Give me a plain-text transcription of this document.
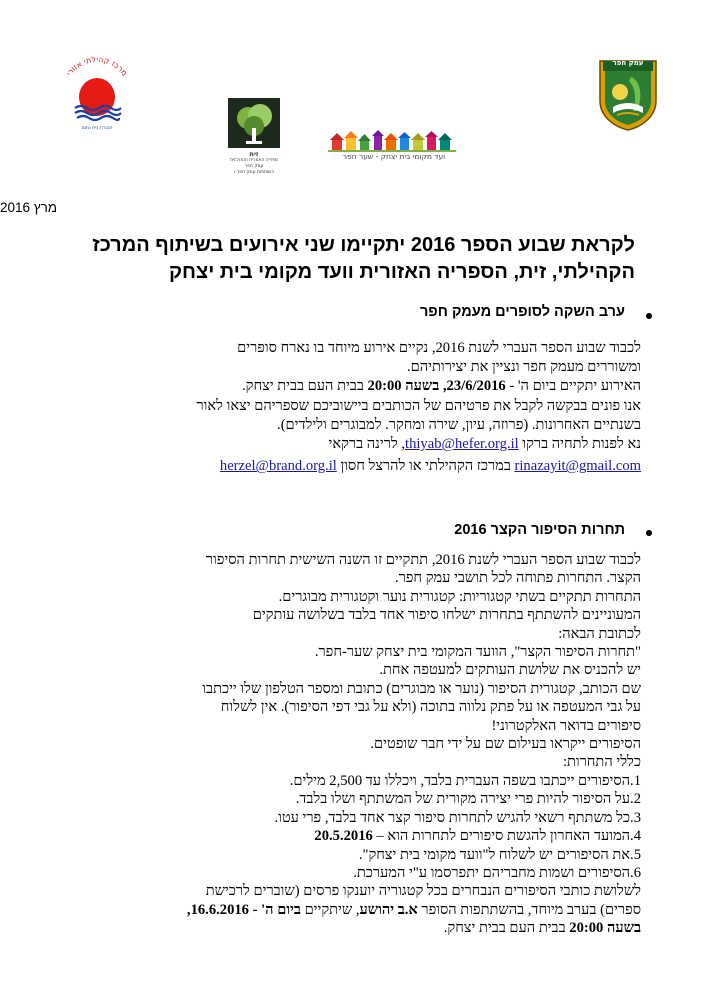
מרכז קהילתי אזורי
חבורת בית נחום
זית
ספריה האזורית והמרכזית
עמק חפר
בשותפות עמק חפר ו
ועד מקומי בית יצחק - שער חפר
מרץ 2016
לקראת שבוע הספר 2016 יתקיימו שני אירועים בשיתוף המרכז
הקהילתי, זית, הספריה האזורית וועד מקומי בית יצחק
ערב השקה לסופרים מעמק חפר
לכבוד שבוע הספר העברי לשנת 2016, נקיים אירוע מיוחד בו נארח סופרים
ומשוררים מעמק חפר ונציין את יצירותיהם.
האירוע יתקיים ביום ה' - 23/6/2016, בשעה 20:00 בבית העם בבית יצחק.
אנו פונים בבקשה לקבל את פרטיהם של הכותבים ביישוביכם שספריהם יצאו לאור
בשנתיים האחרונות. (פרוזה, עיון, שירה ומחקר. למבוגרים ולילדים).
נא לפנות לתחיה ברקו thiyab@hefer.org.il, לרינה ברקאי
rinazayit@gmail.com במרכז הקהילתי או להרצל חסון herzel@brand.org.il
תחרות הסיפור הקצר 2016
לכבוד שבוע הספר העברי לשנת 2016, תתקיים זו השנה השישית תחרות הסיפור
הקצר. התחרות פתוחה לכל תושבי עמק חפר.
התחרות תתקיים בשתי קטגוריות: קטגורית נוער וקטגורית מבוגרים.
המעוניינים להשתתף בתחרות ישלחו סיפור אחד בלבד בשלושה עותקים
לכתובת הבאה:
"תחרות הסיפור הקצר", הוועד המקומי בית יצחק שער-חפר.
יש להכניס את שלושת העותקים למעטפה אחת.
שם הכותב, קטגורית הסיפור (נוער או מבוגרים) כתובת ומספר הטלפון שלו ייכתבו
על גבי המעטפה או על פתק נלווה בתוכה (ולא על גבי דפי הסיפור). אין לשלוח
סיפורים בדואר האלקטרוני!
הסיפורים ייקראו בעילום שם על ידי חבר שופטים.
כללי התחרות:
1.הסיפורים ייכתבו בשפה העברית בלבד, ויכללו עד 2,500 מילים.
2.על הסיפור להיות פרי יצירה מקורית של המשתתף ושלו בלבד.
3.כל משתתף רשאי להגיש לתחרות סיפור קצר אחד בלבד, פרי עטו.
4.המועד האחרון להגשת סיפורים לתחרות הוא – 20.5.2016
5.את הסיפורים יש לשלוח ל"וועד מקומי בית יצחק".
6.הסיפורים ושמות מחבריהם יתפרסמו ע"י המערכת.
לשלושת כותבי הסיפורים הנבחרים בכל קטגוריה יוענקו פרסים (שוברים לרכישת
ספרים) בערב מיוחד, בהשתתפות הסופר א.ב יהושע, שיתקיים ביום ה' - 16.6.2016,
בשעה 20:00 בבית העם בבית יצחק.
עמק חפר
